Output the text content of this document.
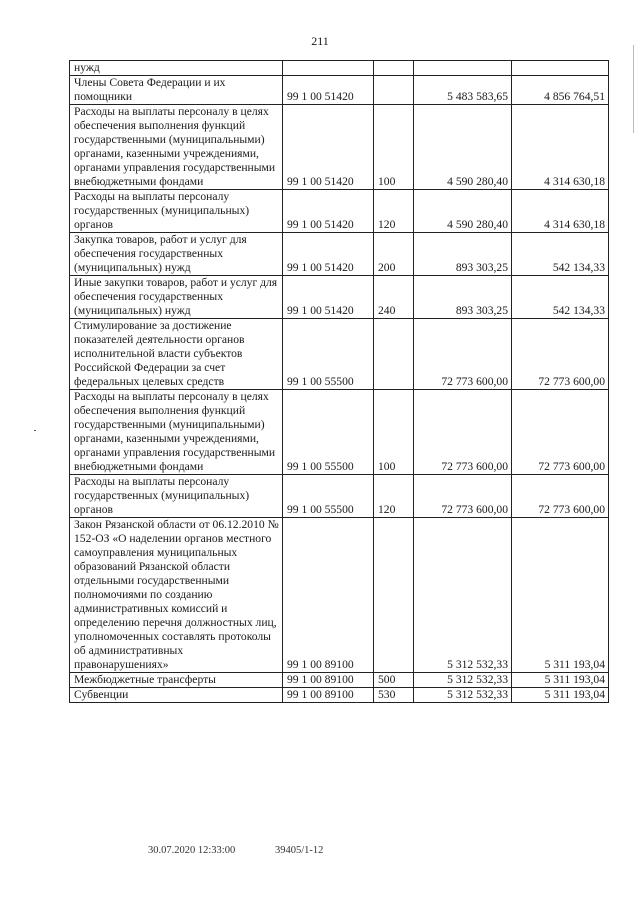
211
нужд				
Члены Совета Федерации и их помощники	99 1 00 51420		5 483 583,65	4 856 764,51
Расходы на выплаты персоналу в целях обеспечения выполнения функций государственными (муниципальными) органами, казенными учреждениями, органами управления государственными внебюджетными фондами	99 1 00 51420	100	4 590 280,40	4 314 630,18
Расходы на выплаты персоналу государственных (муниципальных) органов	99 1 00 51420	120	4 590 280,40	4 314 630,18
Закупка товаров, работ и услуг для обеспечения государственных (муниципальных) нужд	99 1 00 51420	200	893 303,25	542 134,33
Иные закупки товаров, работ и услуг для обеспечения государственных (муниципальных) нужд	99 1 00 51420	240	893 303,25	542 134,33
Стимулирование за достижение показателей деятельности органов исполнительной власти субъектов Российской Федерации за счет федеральных целевых средств	99 1 00 55500		72 773 600,00	72 773 600,00
Расходы на выплаты персоналу в целях обеспечения выполнения функций государственными (муниципальными) органами, казенными учреждениями, органами управления государственными внебюджетными фондами	99 1 00 55500	100	72 773 600,00	72 773 600,00
Расходы на выплаты персоналу государственных (муниципальных) органов	99 1 00 55500	120	72 773 600,00	72 773 600,00
Закон Рязанской области от 06.12.2010 № 152-ОЗ «О наделении органов местного самоуправления муниципальных образований Рязанской области отдельными государственными полномочиями по созданию административных комиссий и определению перечня должностных лиц, уполномоченных составлять протоколы об административных правонарушениях»	99 1 00 89100		5 312 532,33	5 311 193,04
Межбюджетные трансферты	99 1 00 89100	500	5 312 532,33	5 311 193,04
Субвенции	99 1 00 89100	530	5 312 532,33	5 311 193,04
30.07.2020 12:33:00	39405/1-12
